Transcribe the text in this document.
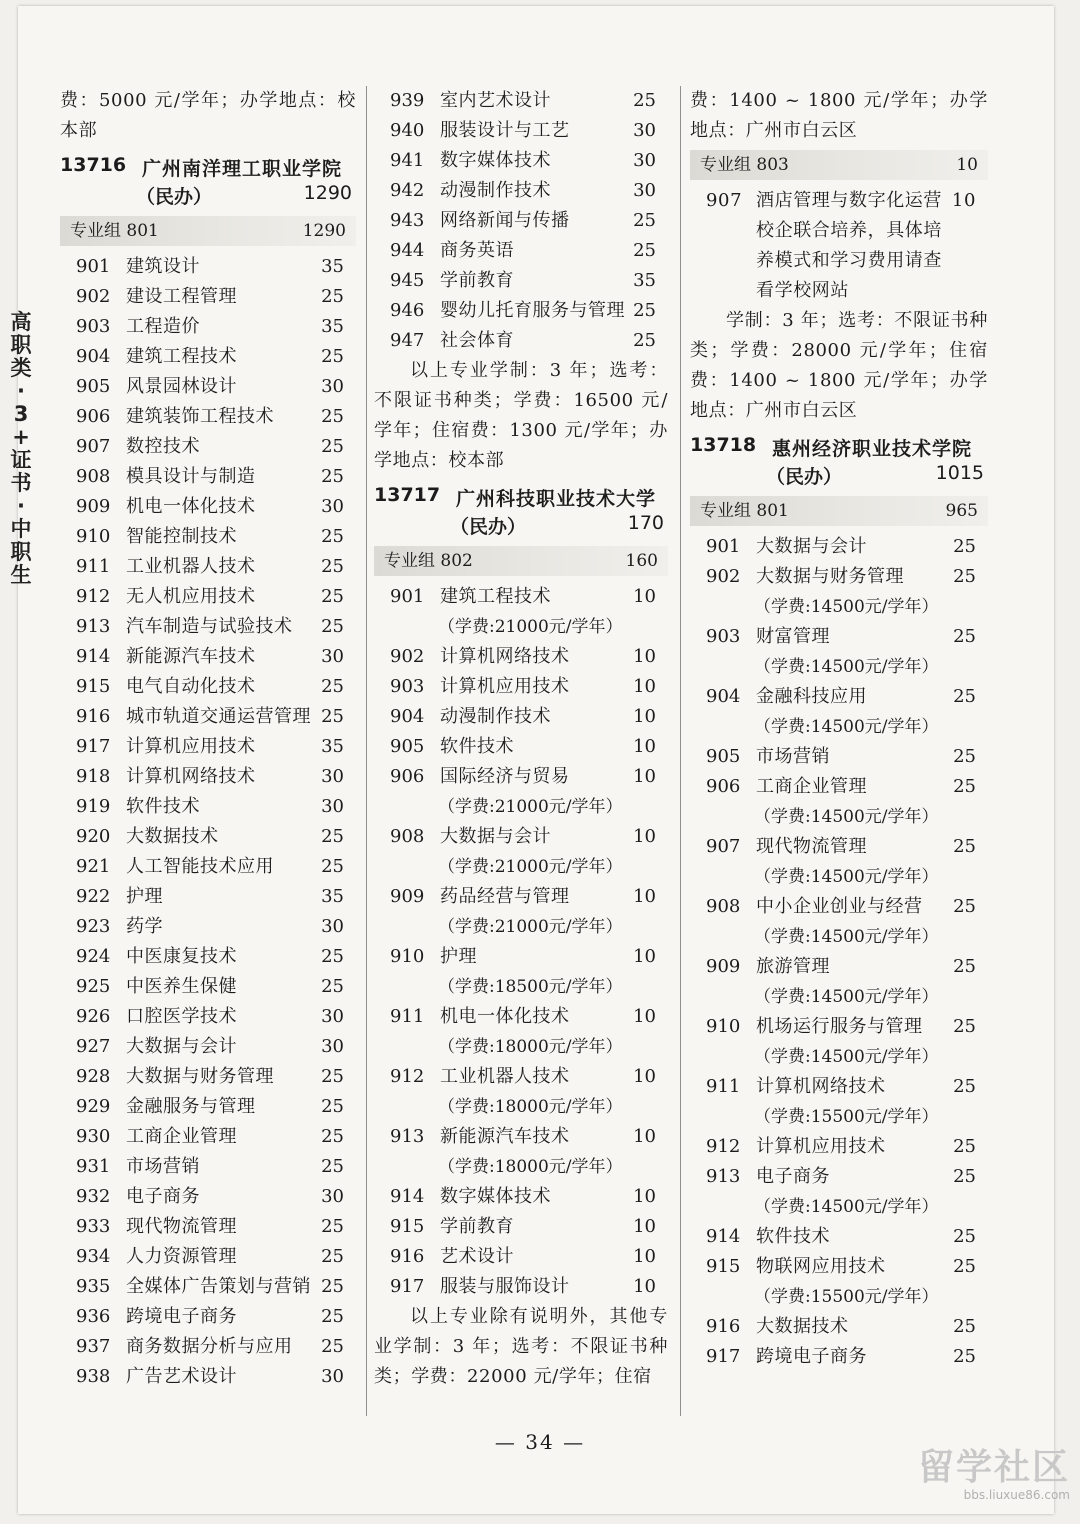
高
职
类
·
3
+
证
书
·
中
职
生

费：5000 元/学年；办学地点：校本部

13716 广州南洋理工职业学院
（民办）	1290
专业组 801	1290
901 建筑设计	35
902 建设工程管理	25
903 工程造价	35
904 建筑工程技术	25
905 风景园林设计	30
906 建筑装饰工程技术	25
907 数控技术	25
908 模具设计与制造	25
909 机电一体化技术	30
910 智能控制技术	25
911 工业机器人技术	25
912 无人机应用技术	25
913 汽车制造与试验技术 25
914 新能源汽车技术	30
915 电气自动化技术	25
916 城市轨道交通运营管理 25
917 计算机应用技术	35
918 计算机网络技术	30
919 软件技术	30
920 大数据技术	25
921 人工智能技术应用	25
922 护理	35
923 药学	30
924 中医康复技术	25
925 中医养生保健	25
926 口腔医学技术	30
927 大数据与会计	30
928 大数据与财务管理	25
929 金融服务与管理	25
930 工商企业管理	25
931 市场营销	25
932 电子商务	30
933 现代物流管理	25
934 人力资源管理	25
935 全媒体广告策划与营销 25
936 跨境电子商务	25
937 商务数据分析与应用 25
938 广告艺术设计	30
939 室内艺术设计	25
940 服装设计与工艺	30
941 数字媒体技术	30
942 动漫制作技术	30
943 网络新闻与传播	25
944 商务英语	25
945 学前教育	35
946 婴幼儿托育服务与管理 25
947 社会体育	25

以上专业学制：3 年；选考：不限证书种类；学费：16500 元/学年；住宿费：1300 元/学年；办学地点：校本部

13717 广州科技职业技术大学
（民办）	170
专业组 802	160
901 建筑工程技术	10
（学费:21000元/学年）
902 计算机网络技术	10
903 计算机应用技术	10
904 动漫制作技术	10
905 软件技术	10
906 国际经济与贸易	10
（学费:21000元/学年）
908 大数据与会计	10
（学费:21000元/学年）
909 药品经营与管理	10
（学费:21000元/学年）
910 护理	10
（学费:18500元/学年）
911 机电一体化技术	10
（学费:18000元/学年）
912 工业机器人技术	10
（学费:18000元/学年）
913 新能源汽车技术	10
（学费:18000元/学年）
914 数字媒体技术	10
915 学前教育	10
916 艺术设计	10
917 服装与服饰设计	10

以上专业除有说明外，其他专业学制：3 年；选考：不限证书种类；学费：22000 元/学年；住宿

费：1400 ~ 1800 元/学年；办学地点：广州市白云区

专业组 803	10
907 酒店管理与数字化运营 10
校企联合培养，具体培养模式和学习费用请查看学校网站

学制：3 年；选考：不限证书种类；学费：28000 元/学年；住宿费：1400 ~ 1800 元/学年；办学地点：广州市白云区

13718 惠州经济职业技术学院
（民办）	1015
专业组 801	965
901 大数据与会计	25
902 大数据与财务管理	25
（学费:14500元/学年）
903 财富管理	25
（学费:14500元/学年）
904 金融科技应用	25
（学费:14500元/学年）
905 市场营销	25
906 工商企业管理	25
（学费:14500元/学年）
907 现代物流管理	25
（学费:14500元/学年）
908 中小企业创业与经营 25
（学费:14500元/学年）
909 旅游管理	25
（学费:14500元/学年）
910 机场运行服务与管理 25
（学费:14500元/学年）
911 计算机网络技术	25
（学费:15500元/学年）
912 计算机应用技术	25
913 电子商务	25
（学费:14500元/学年）
914 软件技术	25
915 物联网应用技术	25
（学费:15500元/学年）
916 大数据技术	25
917 跨境电子商务	25
— 34 —
留学社区
bbs.liuxue86.com
